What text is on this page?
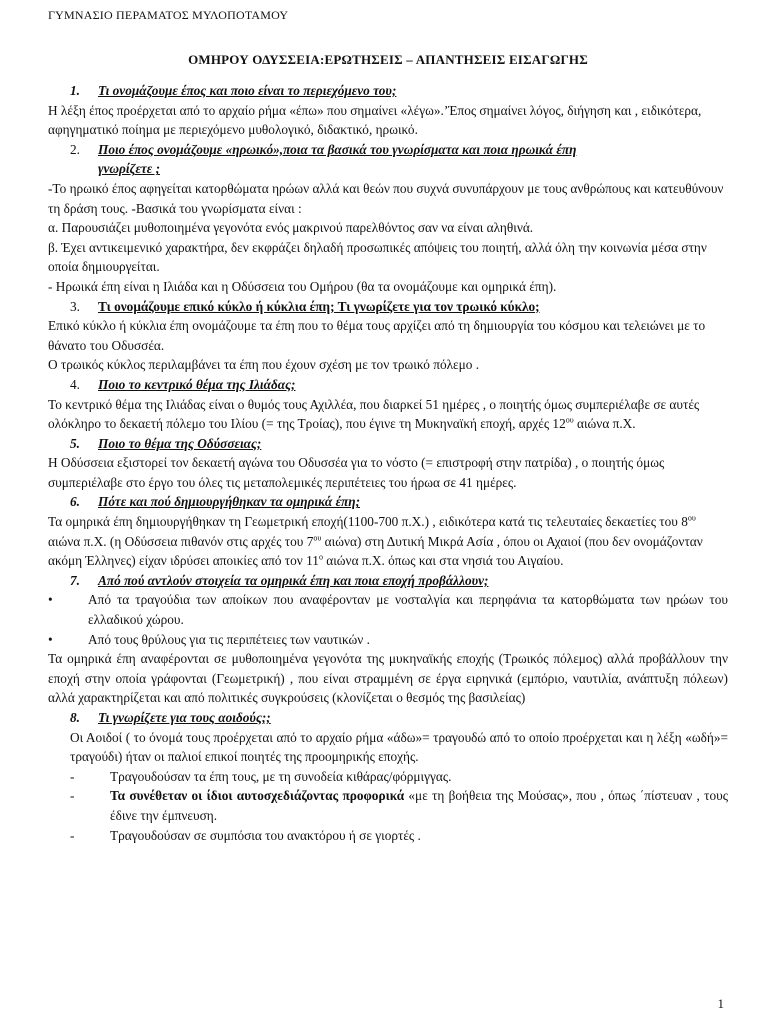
ΓΥΜΝΑΣΙΟ ΠΕΡΑΜΑΤΟΣ ΜΥΛΟΠΟΤΑΜΟΥ

ΟΜΗΡΟΥ ΟΔΥΣΣΕΙΑ:ΕΡΩΤΗΣΕΙΣ – ΑΠΑΝΤΗΣΕΙΣ ΕΙΣΑΓΩΓΗΣ

1. Τι ονομάζουμε έπος και ποιο είναι το περιεχόμενο του;

Η λέξη έπος προέρχεται από το αρχαίο ρήμα «έπω» που σημαίνει «λέγω».’Έπος σημαίνει λόγος, διήγηση και , ειδικότερα, αφηγηματικό ποίημα με περιεχόμενο μυθολογικό, διδακτικό, ηρωικό.

2. Ποιο έπος ονομάζουμε «ηρωικό»,ποια τα βασικά του γνωρίσματα και ποια ηρωικά έπη
γνωρίζετε ;

-Το ηρωικό έπος αφηγείται κατορθώματα ηρώων αλλά και θεών που συχνά συνυπάρχουν με τους ανθρώπους και κατευθύνουν τη δράση τους. -Βασικά του γνωρίσματα είναι :

α. Παρουσιάζει μυθοποιημένα γεγονότα ενός μακρινού παρελθόντος σαν να είναι αληθινά.

β. Έχει αντικειμενικό χαρακτήρα, δεν εκφράζει δηλαδή προσωπικές απόψεις του ποιητή, αλλά όλη την κοινωνία μέσα στην οποία δημιουργείται.

- Ηρωικά έπη είναι η Ιλιάδα και η Οδύσσεια του Ομήρου (θα τα ονομάζουμε και ομηρικά έπη).

3. Τι ονομάζουμε επικό κύκλο ή κύκλια έπη; Τι γνωρίζετε για τον τρωικό κύκλο;

Επικό κύκλο ή κύκλια έπη ονομάζουμε τα έπη που το θέμα τους αρχίζει από τη δημιουργία του κόσμου και τελειώνει με το θάνατο του Οδυσσέα.

Ο τρωικός κύκλος περιλαμβάνει τα έπη που έχουν σχέση με τον τρωικό πόλεμο .

4. Ποιο το κεντρικό θέμα της Ιλιάδας;

Το κεντρικό θέμα της Ιλιάδας είναι ο θυμός τους Αχιλλέα, που διαρκεί 51 ημέρες , ο ποιητής όμως συμπεριέλαβε σε αυτές ολόκληρο το δεκαετή πόλεμο του Ιλίου (= της Τροίας), που έγινε τη Μυκηναϊκή εποχή, αρχές $12^{o\upsilon}$ αιώνα π.Χ.

5. Ποιο το θέμα της Οδύσσειας;

Η Οδύσσεια εξιστορεί τον δεκαετή αγώνα του Οδυσσέα για το νόστο (= επιστροφή στην πατρίδα) , ο ποιητής όμως συμπεριέλαβε στο έργο του όλες τις μεταπολεμικές περιπέτειες του ήρωα σε 41 ημέρες.

6. Πότε και πού δημιουργήθηκαν τα ομηρικά έπη;

Τα ομηρικά έπη δημιουργήθηκαν τη Γεωμετρική εποχή(1100-700 π.Χ.) , ειδικότερα κατά τις τελευταίες δεκαετίες του $8^{o\upsilon}$ αιώνα π.Χ. (η Οδύσσεια πιθανόν στις αρχές του $7^{o\upsilon}$ αιώνα) στη Δυτική Μικρά Ασία , όπου οι Αχαιοί (που δεν ονομάζονταν ακόμη Έλληνες) είχαν ιδρύσει αποικίες από τον $11^o$ αιώνα π.Χ. όπως και στα νησιά του Αιγαίου.

7. Από πού αντλούν στοιχεία τα ομηρικά έπη και ποια εποχή προβάλλουν;

•	Από τα τραγούδια των αποίκων που αναφέρονταν με νοσταλγία και περηφάνια τα κατορθώματα των ηρώων του ελλαδικού χώρου.

•	Από τους θρύλους για τις περιπέτειες των ναυτικών .

Τα ομηρικά έπη αναφέρονται σε μυθοποιημένα γεγονότα της μυκηναϊκής εποχής (Τρωικός πόλεμος) αλλά προβάλλουν την εποχή στην οποία γράφονται (Γεωμετρική) , που είναι στραμμένη σε έργα ειρηνικά (εμπόριο, ναυτιλία, ανάπτυξη πόλεων) αλλά χαρακτηρίζεται και από πολιτικές συγκρούσεις (κλονίζεται ο θεσμός της βασιλείας)

8. Τι γνωρίζετε για τους αοιδούς;;

Οι Αοιδοί ( το όνομά τους προέρχεται από το αρχαίο ρήμα «άδω»= τραγουδώ από το οποίο προέρχεται και η λέξη «ωδή»= τραγούδι) ήταν οι παλιοί επικοί ποιητές της προομηρικής εποχής.

-	Τραγουδούσαν τα έπη τους, με τη συνοδεία κιθάρας/φόρμιγγας.

-	Τα συνέθεταν οι ίδιοι αυτοσχεδιάζοντας προφορικά «με τη βοήθεια της Μούσας», που , όπως ΄πίστευαν , τους έδινε την έμπνευση.

-	Τραγουδούσαν σε συμπόσια του ανακτόρου ή σε γιορτές .

1
